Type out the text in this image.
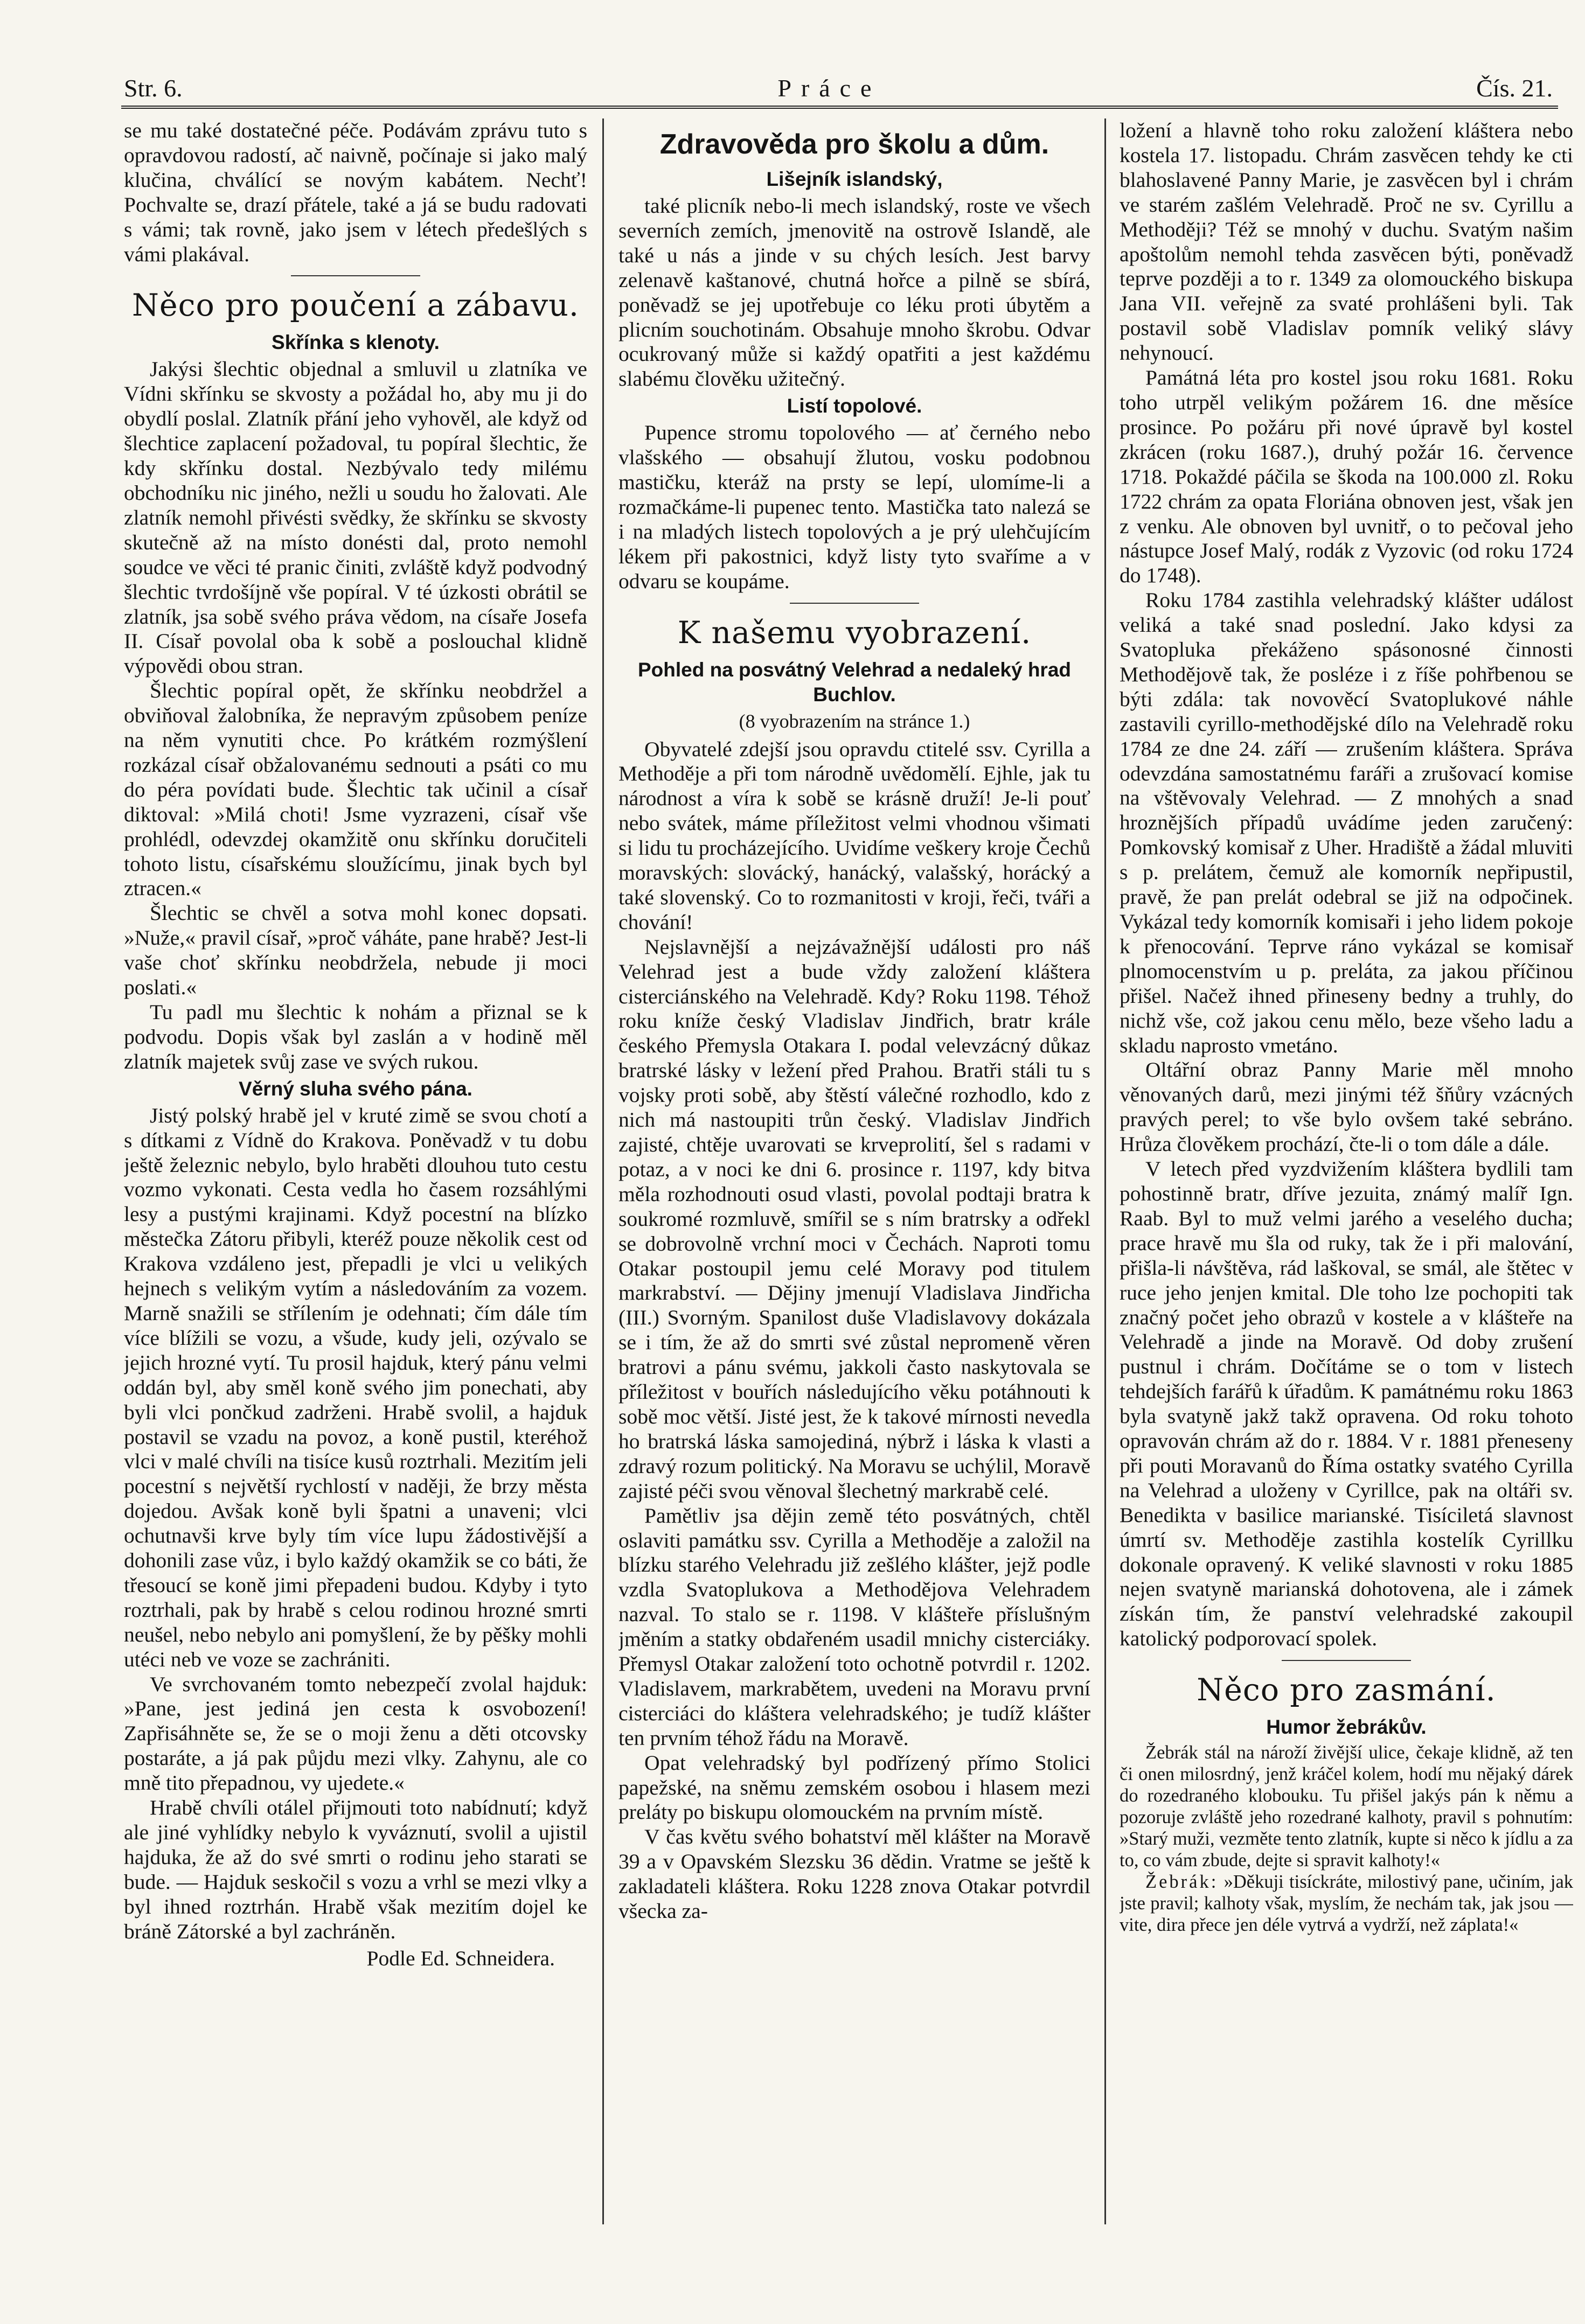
Str. 6.	Práce	Čís. 21.

se mu také dostatečné péče. Podávám zprávu tuto s opravdovou radostí, ač naivně, počínaje si jako malý klučina, chválící se novým kabátem. Nechť! Pochvalte se, drazí přátele, také a já se budu radovati s vámi; tak rovně, jako jsem v létech předešlých s vámi plakával.

Něco pro poučení a zábavu.
Skřínka s klenoty.

Jakýsi šlechtic objednal a smluvil u zlatníka ve Vídni skřínku se skvosty a požádal ho, aby mu ji do obydlí poslal. Zlatník přání jeho vyhověl, ale když od šlechtice zaplacení požadoval, tu popíral šlechtic, že kdy skřínku dostal. Nezbývalo tedy milému obchodníku nic jiného, nežli u soudu ho žalovati. Ale zlatník nemohl přivésti svědky, že skřínku se skvosty skutečně až na místo donésti dal, proto nemohl soudce ve věci té pranic činiti, zvláště když podvodný šlechtic tvrdošíjně vše popíral. V té úzkosti obrátil se zlatník, jsa sobě svého práva vědom, na císaře Josefa II. Císař povolal oba k sobě a poslouchal klidně výpovědi obou stran.

Šlechtic popíral opět, že skřínku neobdržel a obviňoval žalobníka, že nepravým způsobem peníze na něm vynutiti chce. Po krátkém rozmýšlení rozkázal císař obžalovanému sednouti a psáti co mu do péra povídati bude. Šlechtic tak učinil a císař diktoval: »Milá choti! Jsme vyzrazeni, císař vše prohlédl, odevzdej okamžitě onu skřínku doručiteli tohoto listu, císařskému sloužícímu, jinak bych byl ztracen.«

Šlechtic se chvěl a sotva mohl konec dopsati. »Nuže,« pravil císař, »proč váháte, pane hrabě? Jest-li vaše choť skřínku neobdržela, nebude ji moci poslati.«

Tu padl mu šlechtic k nohám a přiznal se k podvodu. Dopis však byl zaslán a v hodině měl zlatník majetek svůj zase ve svých rukou.

Věrný sluha svého pána.

Jistý polský hrabě jel v kruté zimě se svou chotí a s dítkami z Vídně do Krakova. Poněvadž v tu dobu ještě železnic nebylo, bylo hraběti dlouhou tuto cestu vozmo vykonati. Cesta vedla ho časem rozsáhlými lesy a pustými krajinami. Když pocestní na blízko městečka Zátoru přibyli, kteréž pouze několik cest od Krakova vzdáleno jest, přepadli je vlci u velikých hejnech s velikým vytím a následováním za vozem. Marně snažili se střílením je odehnati; čím dále tím více blížili se vozu, a všude, kudy jeli, ozývalo se jejich hrozné vytí. Tu prosil hajduk, který pánu velmi oddán byl, aby směl koně svého jim ponechati, aby byli vlci pončkud zadrženi. Hrabě svolil, a hajduk postavil se vzadu na povoz, a koně pustil, kteréhož vlci v malé chvíli na tisíce kusů roztrhali. Mezitím jeli pocestní s největší rychlostí v naději, že brzy města dojedou. Avšak koně byli špatni a unaveni; vlci ochutnavši krve byly tím více lupu žádostivější a dohonili zase vůz, i bylo každý okamžik se co báti, že třesoucí se koně jimi přepadeni budou. Kdyby i tyto roztrhali, pak by hrabě s celou rodinou hrozné smrti neušel, nebo nebylo ani pomyšlení, že by pěšky mohli utéci neb ve voze se zachrániti.

Ve svrchovaném tomto nebezpečí zvolal hajduk: »Pane, jest jediná jen cesta k osvobození! Zapřisáhněte se, že se o moji ženu a děti otcovsky postaráte, a já pak půjdu mezi vlky. Zahynu, ale co mně tito přepadnou, vy ujedete.«

Hrabě chvíli otálel přijmouti toto nabídnutí; když ale jiné vyhlídky nebylo k vyváznutí, svolil a ujistil hajduka, že až do své smrti o rodinu jeho starati se bude. — Hajduk seskočil s vozu a vrhl se mezi vlky a byl ihned roztrhán. Hrabě však mezitím dojel ke bráně Zátorské a byl zachráněn.

Podle Ed. Schneidera.
Zdravověda pro školu a dům.
Lišejník islandský,

také plicník nebo-li mech islandský, roste ve všech severních zemích, jmenovitě na ostrově Islandě, ale také u nás a jinde v su chých lesích. Jest barvy zelenavě kaštanové, chutná hořce a pilně se sbírá, poněvadž se jej upotřebuje co léku proti úbytěm a plicním souchotinám. Obsahuje mnoho škrobu. Odvar ocukrovaný může si každý opatřiti a jest každému slabému člověku užitečný.

Listí topolové.

Pupence stromu topolového — ať černého nebo vlašského — obsahují žlutou, vosku podobnou mastičku, kteráž na prsty se lepí, ulomíme-li a rozmačkáme-li pupenec tento. Mastička tato nalezá se i na mladých listech topolových a je prý ulehčujícím lékem při pakostnici, když listy tyto svaříme a v odvaru se koupáme.

K našemu vyobrazení.
Pohled na posvátný Velehrad a nedaleký hrad Buchlov.
(8 vyobrazením na stránce 1.)

Obyvatelé zdejší jsou opravdu ctitelé ssv. Cyrilla a Methoděje a při tom národně uvědomělí. Ejhle, jak tu národnost a víra k sobě se krásně druží! Je-li pouť nebo svátek, máme příležitost velmi vhodnou všimati si lidu tu procházejícího. Uvidíme veškery kroje Čechů moravských: slovácký, hanácký, valašský, horácký a také slovenský. Co to rozmanitosti v kroji, řeči, tváři a chování!

Nejslavnější a nejzávažnější události pro náš Velehrad jest a bude vždy založení kláštera cisterciánského na Velehradě. Kdy? Roku 1198. Téhož roku kníže český Vladislav Jindřich, bratr krále českého Přemysla Otakara I. podal velevzácný důkaz bratrské lásky v ležení před Prahou. Bratři stáli tu s vojsky proti sobě, aby štěstí válečné rozhodlo, kdo z nich má nastoupiti trůn český. Vladislav Jindřich zajisté, chtěje uvarovati se krveprolití, šel s radami v potaz, a v noci ke dni 6. prosince r. 1197, kdy bitva měla rozhodnouti osud vlasti, povolal podtaji bratra k soukromé rozmluvě, smířil se s ním bratrsky a odřekl se dobrovolně vrchní moci v Čechách. Naproti tomu Otakar postoupil jemu celé Moravy pod titulem markrabství. — Dějiny jmenují Vladislava Jindřicha (III.) Svorným. Spanilost duše Vladislavovy dokázala se i tím, že až do smrti své zůstal nepromeně věren bratrovi a pánu svému, jakkoli často naskytovala se příležitost v bouřích následujícího věku potáhnouti k sobě moc větší. Jisté jest, že k takové mírnosti nevedla ho bratrská láska samojediná, nýbrž i láska k vlasti a zdravý rozum politický. Na Moravu se uchýlil, Moravě zajisté péči svou věnoval šlechetný markrabě celé.

Pamětliv jsa dějin země této posvátných, chtěl oslaviti památku ssv. Cyrilla a Methoděje a založil na blízku starého Velehradu již zešlého klášter, jejž podle vzdla Svatoplukova a Methodějova Velehradem nazval. To stalo se r. 1198. V klášteře příslušným jměním a statky obdařeném usadil mnichy cisterciáky. Přemysl Otakar založení toto ochotně potvrdil r. 1202. Vladislavem, markrabětem, uvedeni na Moravu první cisterciáci do kláštera velehradského; je tudíž klášter ten prvním téhož řádu na Moravě.

Opat velehradský byl podřízený přímo Stolici papežské, na sněmu zemském osobou i hlasem mezi preláty po biskupu olomouckém na prvním místě.

V čas květu svého bohatství měl klášter na Moravě 39 a v Opavském Slezsku 36 dědin. Vratme se ještě k zakladateli kláštera. Roku 1228 znova Otakar potvrdil všecka za-

ložení a hlavně toho roku založení kláštera nebo kostela 17. listopadu. Chrám zasvěcen tehdy ke cti blahoslavené Panny Marie, je zasvěcen byl i chrám ve starém zašlém Velehradě. Proč ne sv. Cyrillu a Methoději? Též se mnohý v duchu. Svatým našim apoštolům nemohl tehda zasvěcen býti, poněvadž teprve později a to r. 1349 za olomouckého biskupa Jana VII. veřejně za svaté prohlášeni byli. Tak postavil sobě Vladislav pomník veliký slávy nehynoucí.

Památná léta pro kostel jsou roku 1681. Roku toho utrpěl velikým požárem 16. dne měsíce prosince. Po požáru při nové úpravě byl kostel zkrácen (roku 1687.), druhý požár 16. července 1718. Pokaždé páčila se škoda na 100.000 zl. Roku 1722 chrám za opata Floriána obnoven jest, však jen z venku. Ale obnoven byl uvnitř, o to pečoval jeho nástupce Josef Malý, rodák z Vyzovic (od roku 1724 do 1748).

Roku 1784 zastihla velehradský klášter událost veliká a také snad poslední. Jako kdysi za Svatopluka překáženo spásonosné činnosti Methodějově tak, že posléze i z říše pohřbenou se býti zdála: tak novověcí Svatoplukové náhle zastavili cyrillo-methodějské dílo na Velehradě roku 1784 ze dne 24. září — zrušením kláštera. Správa odevzdána samostatnému faráři a zrušovací komise na vštěvovaly Velehrad. — Z mnohých a snad hroznějších případů uvádíme jeden zaručený: Pomkovský komisař z Uher. Hradiště a žádal mluviti s p. prelátem, čemuž ale komorník nepřipustil, pravě, že pan prelát odebral se již na odpočinek. Vykázal tedy komorník komisaři i jeho lidem pokoje k přenocování. Teprve ráno vykázal se komisař plnomocenstvím u p. preláta, za jakou příčinou přišel. Načež ihned přineseny bedny a truhly, do nichž vše, což jakou cenu mělo, beze všeho ladu a skladu naprosto vmetáno.

Oltářní obraz Panny Marie měl mnoho věnovaných darů, mezi jinými též šňůry vzácných pravých perel; to vše bylo ovšem také sebráno. Hrůza člověkem prochází, čte-li o tom dále a dále.

V letech před vyzdvižením kláštera bydlili tam pohostinně bratr, dříve jezuita, známý malíř Ign. Raab. Byl to muž velmi jarého a veselého ducha; prace hravě mu šla od ruky, tak že i při malování, přišla-li návštěva, rád laškoval, se smál, ale štětec v ruce jeho jenjen kmital. Dle toho lze pochopiti tak značný počet jeho obrazů v kostele a v klášteře na Velehradě a jinde na Moravě. Od doby zrušení pustnul i chrám. Dočítáme se o tom v listech tehdejších farářů k úřadům. K památnému roku 1863 byla svatyně jakž takž opravena. Od roku tohoto opravován chrám až do r. 1884. V r. 1881 přeneseny při pouti Moravanů do Říma ostatky svatého Cyrilla na Velehrad a uloženy v Cyrillce, pak na oltáři sv. Benedikta v basilice marianské. Tisíciletá slavnost úmrtí sv. Methoděje zastihla kostelík Cyrillku dokonale opravený. K veliké slavnosti v roku 1885 nejen svatyně marianská dohotovena, ale i zámek získán tím, že panství velehradské zakoupil katolický podporovací spolek.

Něco pro zasmání.
Humor žebrákův.

Žebrák stál na nároží živější ulice, čekaje klidně, až ten či onen milosrdný, jenž kráčel kolem, hodí mu nějaký dárek do rozedraného klobouku. Tu přišel jakýs pán k němu a pozoruje zvláště jeho rozedrané kalhoty, pravil s pohnutím: »Starý muži, vezměte tento zlatník, kupte si něco k jídlu a za to, co vám zbude, dejte si spravit kalhoty!«

Žebrák: »Děkuji tisíckráte, milostivý pane, učiním, jak jste pravil; kalhoty však, myslím, že nechám tak, jak jsou — vite, dira přece jen déle vytrvá a vydrží, než záplata!«
